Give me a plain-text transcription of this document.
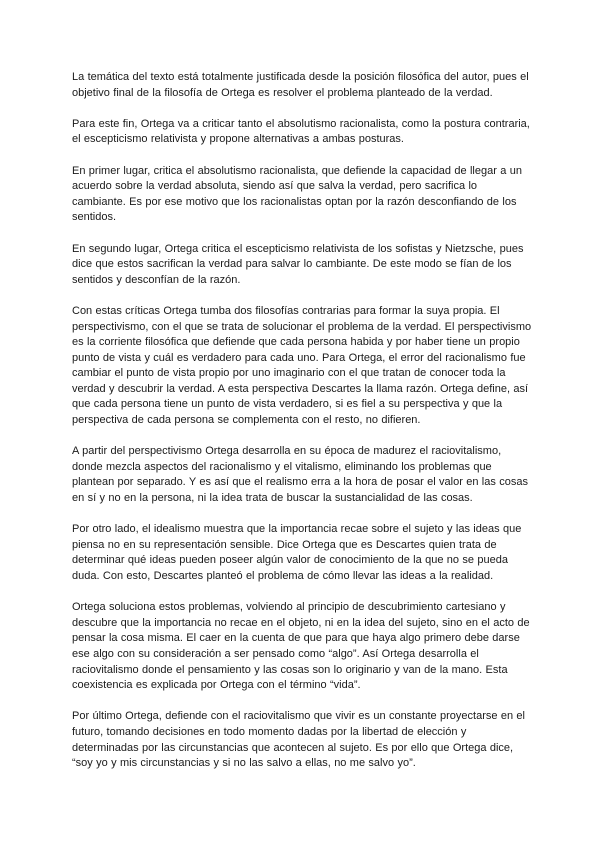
La temática del texto está totalmente justificada desde la posición filosófica del autor, pues el objetivo final de la filosofía de Ortega es resolver el problema planteado de la verdad.

Para este fin, Ortega va a criticar tanto el absolutismo racionalista, como la postura contraria, el escepticismo relativista y propone alternativas a ambas posturas.

En primer lugar, critica el absolutismo racionalista, que defiende la capacidad de llegar a un acuerdo sobre la verdad absoluta, siendo así que salva la verdad, pero sacrifica lo cambiante. Es por ese motivo que los racionalistas optan por la razón desconfiando de los sentidos.

En segundo lugar, Ortega critica el escepticismo relativista de los sofistas y Nietzsche, pues dice que estos sacrifican la verdad para salvar lo cambiante. De este modo se fían de los sentidos y desconfían de la razón.

Con estas críticas Ortega tumba dos filosofías contrarias para formar la suya propia. El perspectivismo, con el que se trata de solucionar el problema de la verdad. El perspectivismo es la corriente filosófica que defiende que cada persona habida y por haber tiene un propio punto de vista y cuál es verdadero para cada uno. Para Ortega, el error del racionalismo fue cambiar el punto de vista propio por uno imaginario con el que tratan de conocer toda la verdad y descubrir la verdad. A esta perspectiva Descartes la llama razón. Ortega define, así que cada persona tiene un punto de vista verdadero, si es fiel a su perspectiva y que la perspectiva de cada persona se complementa con el resto, no difieren.

A partir del perspectivismo Ortega desarrolla en su época de madurez el raciovitalismo, donde mezcla aspectos del racionalismo y el vitalismo, eliminando los problemas que plantean por separado. Y es así que el realismo erra a la hora de posar el valor en las cosas en sí y no en la persona, ni la idea trata de buscar la sustancialidad de las cosas.

Por otro lado, el idealismo muestra que la importancia recae sobre el sujeto y las ideas que piensa no en su representación sensible. Dice Ortega que es Descartes quien trata de determinar qué ideas pueden poseer algún valor de conocimiento de la que no se pueda duda. Con esto, Descartes planteó el problema de cómo llevar las ideas a la realidad.

Ortega soluciona estos problemas, volviendo al principio de descubrimiento cartesiano y descubre que la importancia no recae en el objeto, ni en la idea del sujeto, sino en el acto de pensar la cosa misma. El caer en la cuenta de que para que haya algo primero debe darse ese algo con su consideración a ser pensado como “algo”. Así Ortega desarrolla el raciovitalismo donde el pensamiento y las cosas son lo originario y van de la mano. Esta coexistencia es explicada por Ortega con el término “vida”.

Por último Ortega, defiende con el raciovitalismo que vivir es un constante proyectarse en el futuro, tomando decisiones en todo momento dadas por la libertad de elección y determinadas por las circunstancias que acontecen al sujeto. Es por ello que Ortega dice, “soy yo y mis circunstancias y si no las salvo a ellas, no me salvo yo”.
